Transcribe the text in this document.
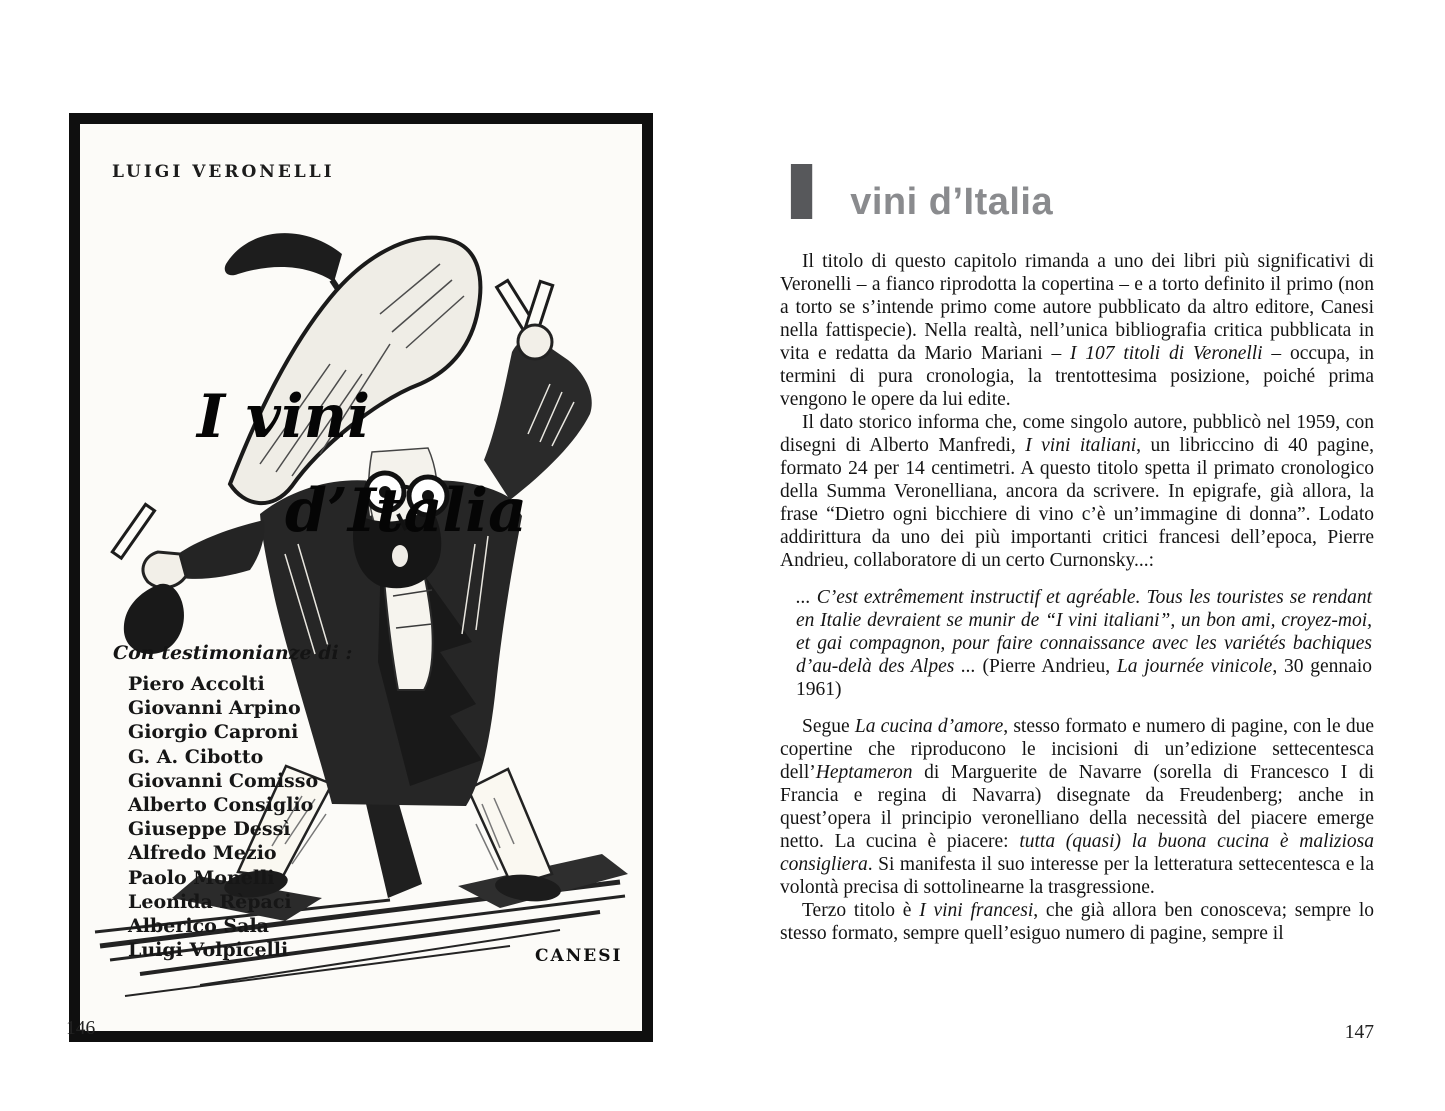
LUIGI VERONELLI
I vini
d’Italia
Con testimonianze di :
Piero Accolti
Giovanni Arpino
Giorgio Caproni
G. A. Cibotto
Giovanni Comisso
Alberto Consiglio
Giuseppe Dessì
Alfredo Mezio
Paolo Monelli
Leonida Rèpaci
Alberico Sala
Luigi Volpicelli	CANESI
146
I vini d’Italia

Il titolo di questo capitolo rimanda a uno dei libri più significativi di Veronelli – a fianco riprodotta la copertina – e a torto definito il primo (non a torto se s’intende primo come autore pubblicato da altro editore, Canesi nella fattispecie). Nella realtà, nell’unica bibliografia critica pubblicata in vita e redatta da Mario Mariani – I 107 titoli di Veronelli – occupa, in termini di pura cronologia, la trentottesima posizione, poiché prima vengono le opere da lui edite.

Il dato storico informa che, come singolo autore, pubblicò nel 1959, con disegni di Alberto Manfredi, I vini italiani, un libriccino di 40 pagine, formato 24 per 14 centimetri. A questo titolo spetta il primato cronologico della Summa Veronelliana, ancora da scrivere. In epigrafe, già allora, la frase “Dietro ogni bicchiere di vino c’è un’immagine di donna”. Lodato addirittura da uno dei più importanti critici francesi dell’epoca, Pierre Andrieu, collaboratore di un certo Curnonsky...:

... C’est extrêmement instructif et agréable. Tous les touristes se rendant en Italie devraient se munir de “I vini italiani”, un bon ami, croyez-moi, et gai compagnon, pour faire connaissance avec les variétés bachiques d’au-delà des Alpes ... (Pierre Andrieu, La journée vinicole, 30 gennaio 1961)

Segue La cucina d’amore, stesso formato e numero di pagine, con le due copertine che riproducono le incisioni di un’edizione settecentesca dell’Heptameron di Marguerite de Navarre (sorella di Francesco I di Francia e regina di Navarra) disegnate da Freudenberg; anche in quest’opera il principio veronelliano della necessità del piacere emerge netto. La cucina è piacere: tutta (quasi) la buona cucina è maliziosa consigliera. Si manifesta il suo interesse per la letteratura settecentesca e la volontà precisa di sottolinearne la trasgressione.

Terzo titolo è I vini francesi, che già allora ben conosceva; sempre lo stesso formato, sempre quell’esiguo numero di pagine, sempre il

147
